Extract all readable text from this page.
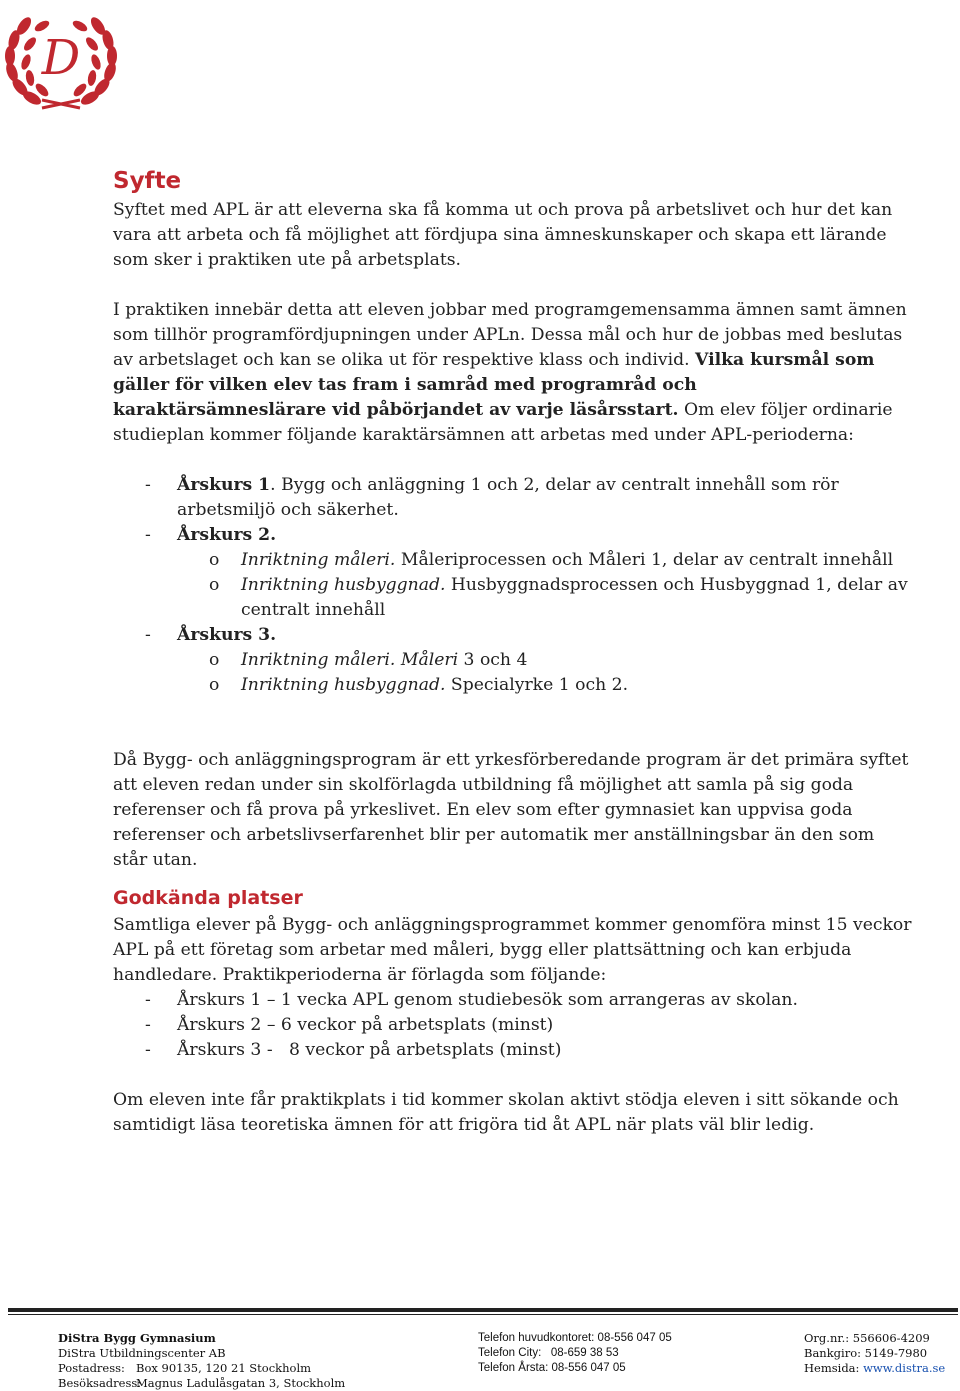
D
Syfte

Syftet med APL är att eleverna ska få komma ut och prova på arbetslivet och hur det kan vara att arbeta och få möjlighet att fördjupa sina ämneskunskaper och skapa ett lärande som sker i praktiken ute på arbetsplats.

I praktiken innebär detta att eleven jobbar med programgemensamma ämnen samt ämnen som tillhör programfördjupningen under APLn. Dessa mål och hur de jobbas med beslutas av arbetslaget och kan se olika ut för respektive klass och individ. Vilka kursmål som gäller för vilken elev tas fram i samråd med programråd och karaktärsämneslärare vid påbörjandet av varje läsårsstart. Om elev följer ordinarie studieplan kommer följande karaktärsämnen att arbetas med under APL-perioderna:

-	Årskurs 1. Bygg och anläggning 1 och 2, delar av centralt innehåll som rör arbetsmiljö och säkerhet.
-	Årskurs 2.
o	Inriktning måleri. Måleriprocessen och Måleri 1, delar av centralt innehåll
o	Inriktning husbyggnad. Husbyggnadsprocessen och Husbyggnad 1, delar av centralt innehåll
-	Årskurs 3.
o	Inriktning måleri. Måleri 3 och 4
o	Inriktning husbyggnad. Specialyrke 1 och 2.

Då Bygg- och anläggningsprogram är ett yrkesförberedande program är det primära syftet att eleven redan under sin skolförlagda utbildning få möjlighet att samla på sig goda referenser och få prova på yrkeslivet. En elev som efter gymnasiet kan uppvisa goda referenser och arbetslivserfarenhet blir per automatik mer anställningsbar än den som står utan.

Godkända platser

Samtliga elever på Bygg- och anläggningsprogrammet kommer genomföra minst 15 veckor APL på ett företag som arbetar med måleri, bygg eller plattsättning och kan erbjuda handledare. Praktikperioderna är förlagda som följande:

-	Årskurs 1 – 1 vecka APL genom studiebesök som arrangeras av skolan.
-	Årskurs 2 – 6 veckor på arbetsplats (minst)
-	Årskurs 3 -   8 veckor på arbetsplats (minst)

Om eleven inte får praktikplats i tid kommer skolan aktivt stödja eleven i sitt sökande och samtidigt läsa teoretiska ämnen för att frigöra tid åt APL när plats väl blir ledig.

DiStra Bygg Gymnasium
DiStra Utbildningscenter AB
Postadress: Box 90135, 120 21 Stockholm
Besöksadress:Magnus Ladulåsgatan 3, Stockholm
Telefon huvudkontoret: 08-556 047 05
Telefon City:   08-659 38 53
Telefon Årsta: 08-556 047 05
Org.nr.: 556606-4209
Bankgiro: 5149-7980
Hemsida: www.distra.se
